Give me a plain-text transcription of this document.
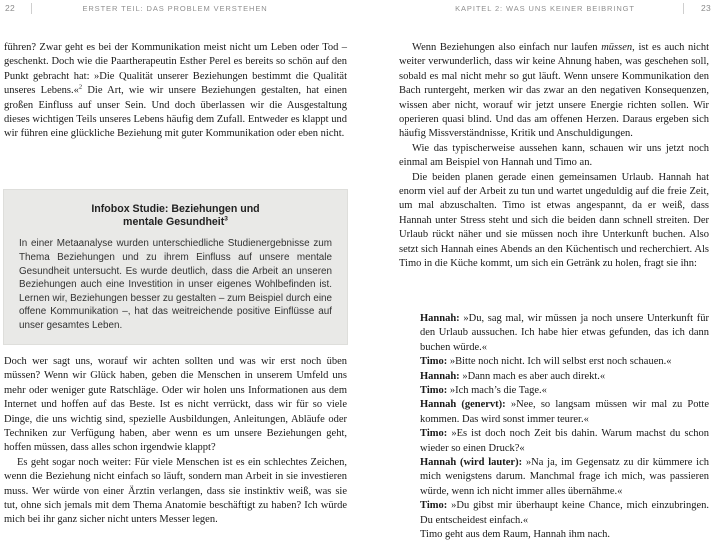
22	ERSTER TEIL: DAS PROBLEM VERSTEHEN	KAPITEL 2: WAS UNS KEINER BEIBRINGT	23

führen? Zwar geht es bei der Kommunikation meist nicht um Leben oder Tod – geschenkt. Doch wie die Paartherapeutin Esther Perel es bereits so schön auf den Punkt gebracht hat: »Die Qualität unserer Beziehungen bestimmt die Qualität unseres Lebens.«$^2$ Die Art, wie wir unsere Beziehungen gestalten, hat einen großen Einfluss auf unser Sein. Und doch überlassen wir die Ausgestaltung dieses wichtigen Teils unseres Lebens häufig dem Zufall. Entweder es klappt und wir führen eine glückliche Beziehung mit guter Kommunikation oder eben nicht.

Infobox Studie: Beziehungen und
mentale Gesundheit$^3$

In einer Metaanalyse wurden unterschiedliche Studienergebnisse zum Thema Beziehungen und zu ihrem Einfluss auf unsere mentale Gesundheit untersucht. Es wurde deutlich, dass die Arbeit an unseren Beziehungen auch eine Investition in unser eigenes Wohlbefinden ist. Lernen wir, Beziehungen besser zu gestalten – zum Beispiel durch eine offene Kommunikation –, hat das weitreichende positive Einflüsse auf unser gesamtes Leben.

Doch wer sagt uns, worauf wir achten sollten und was wir erst noch üben müssen? Wenn wir Glück haben, geben die Menschen in unserem Umfeld uns mehr oder weniger gute Ratschläge. Oder wir holen uns Informationen aus dem Internet und hoffen auf das Beste. Ist es nicht verrückt, dass wir für so viele Dinge, die uns wichtig sind, spezielle Ausbildungen, Anleitungen, Abläufe oder Techniken zur Verfügung haben, aber wenn es um unsere Beziehungen geht, hoffen müssen, dass alles schon irgendwie klappt?

Es geht sogar noch weiter: Für viele Menschen ist es ein schlechtes Zeichen, wenn die Beziehung nicht einfach so läuft, sondern man Arbeit in sie investieren muss. Wer würde von einer Ärztin verlangen, dass sie instinktiv weiß, was sie tut, ohne sich jemals mit dem Thema Anatomie beschäftigt zu haben? Ich würde mich bei ihr ganz sicher nicht unters Messer legen.

Wenn Beziehungen also einfach nur laufen müssen, ist es auch nicht weiter verwunderlich, dass wir keine Ahnung haben, was geschehen soll, sobald es mal nicht mehr so gut läuft. Wenn unsere Kommunikation den Bach runtergeht, merken wir das zwar an den negativen Konsequenzen, wissen aber nicht, worauf wir jetzt unsere Energie richten sollen. Wir operieren quasi blind. Und das am offenen Herzen. Daraus ergeben sich häufig Missverständnisse, Kritik und Anschuldigungen.

Wie das typischerweise aussehen kann, schauen wir uns jetzt noch einmal am Beispiel von Hannah und Timo an.

Die beiden planen gerade einen gemeinsamen Urlaub. Hannah hat enorm viel auf der Arbeit zu tun und wartet ungeduldig auf die freie Zeit, um mal abzuschalten. Timo ist etwas angespannt, da er weiß, dass Hannah unter Stress steht und sich die beiden dann schnell streiten. Der Urlaub rückt näher und sie müssen noch ihre Unterkunft buchen. Also setzt sich Hannah eines Abends an den Küchentisch und recherchiert. Als Timo in die Küche kommt, um sich ein Getränk zu holen, fragt sie ihn:

Hannah: »Du, sag mal, wir müssen ja noch unsere Unterkunft für den Urlaub aussuchen. Ich habe hier etwas gefunden, das ich dann buchen würde.«

Timo: »Bitte noch nicht. Ich will selbst erst noch schauen.«

Hannah: »Dann mach es aber auch direkt.«

Timo: »Ich mach’s die Tage.«

Hannah (genervt): »Nee, so langsam müssen wir mal zu Potte kommen. Das wird sonst immer teurer.«

Timo: »Es ist doch noch Zeit bis dahin. Warum machst du schon wieder so einen Druck?«

Hannah (wird lauter): »Na ja, im Gegensatz zu dir kümmere ich mich wenigstens darum. Manchmal frage ich mich, was passieren würde, wenn ich nicht immer alles übernähme.«

Timo: »Du gibst mir überhaupt keine Chance, mich einzubringen. Du entscheidest einfach.«

Timo geht aus dem Raum, Hannah ihm nach.
